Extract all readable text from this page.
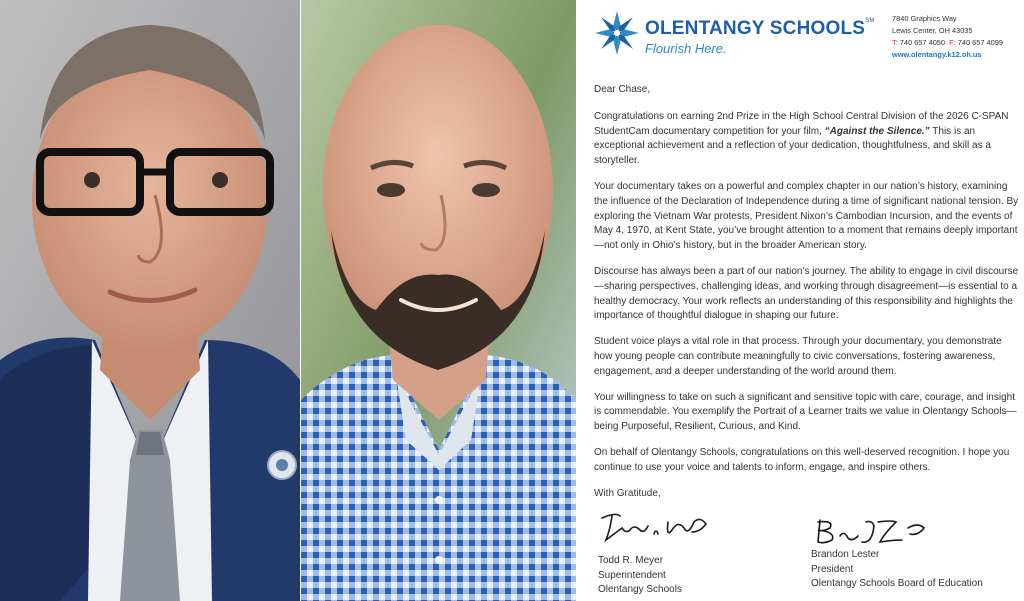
OLENTANGY SCHOOLS℠
Flourish Here.
7840 Graphics Way
Lewis Center, OH 43035
T: 740 657 4050 F: 740 657 4099
www.olentangy.k12.oh.us

Dear Chase,

Congratulations on earning 2nd Prize in the High School Central Division of the 2026 C-SPAN StudentCam documentary competition for your film, “Against the Silence.” This is an exceptional achievement and a reflection of your dedication, thoughtfulness, and skill as a storyteller.

Your documentary takes on a powerful and complex chapter in our nation’s history, examining the influence of the Declaration of Independence during a time of significant national tension. By exploring the Vietnam War protests, President Nixon’s Cambodian Incursion, and the events of May 4, 1970, at Kent State, you’ve brought attention to a moment that remains deeply important—not only in Ohio’s history, but in the broader American story.

Discourse has always been a part of our nation’s journey. The ability to engage in civil discourse—sharing perspectives, challenging ideas, and working through disagreement—is essential to a healthy democracy. Your work reflects an understanding of this responsibility and highlights the importance of thoughtful dialogue in shaping our future.

Student voice plays a vital role in that process. Through your documentary, you demonstrate how young people can contribute meaningfully to civic conversations, fostering awareness, engagement, and a deeper understanding of the world around them.

Your willingness to take on such a significant and sensitive topic with care, courage, and insight is commendable. You exemplify the Portrait of a Learner traits we value in Olentangy Schools—being Purposeful, Resilient, Curious, and Kind.

On behalf of Olentangy Schools, congratulations on this well-deserved recognition. I hope you continue to use your voice and talents to inform, engage, and inspire others.

With Gratitude,

Todd R. Meyer
Superintendent
Olentangy Schools
Brandon Lester
President
Olentangy Schools Board of Education
